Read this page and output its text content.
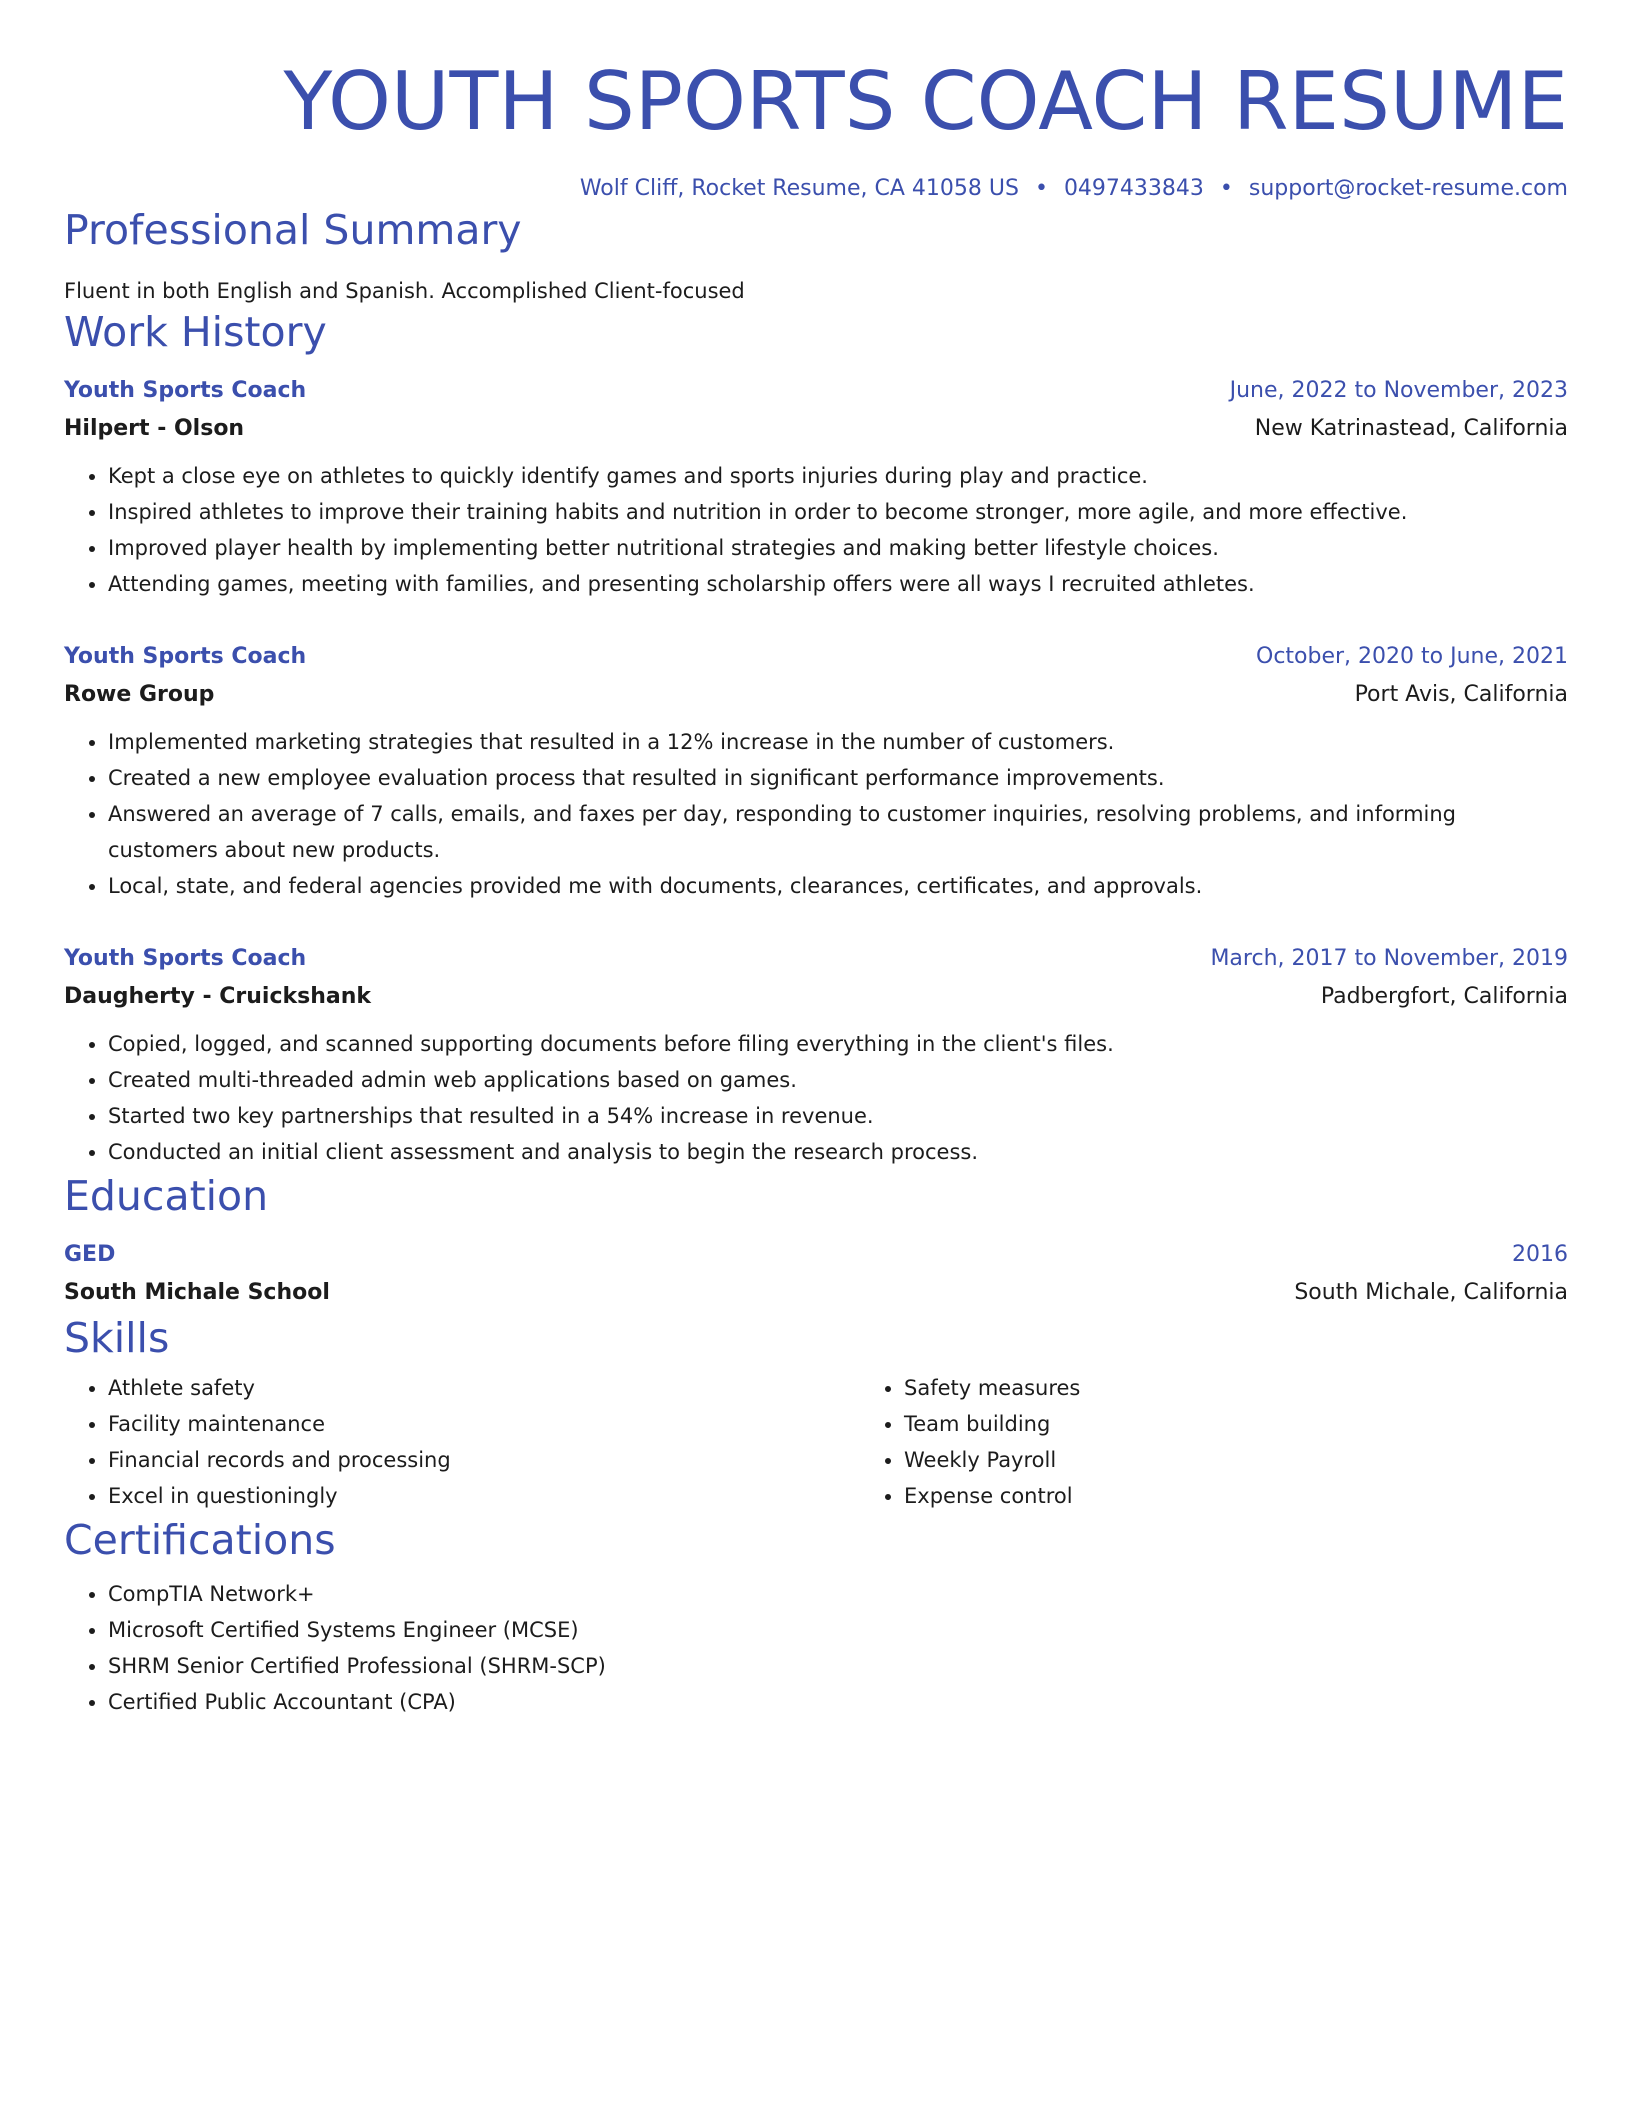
YOUTH SPORTS COACH RESUME
Wolf Cliff, Rocket Resume, CA 41058 US • 0497433843 • support@rocket-resume.com
Professional Summary
Fluent in both English and Spanish. Accomplished Client-focused
Work History
Youth Sports Coach	June, 2022 to November, 2023
Hilpert - Olson	New Katrinastead, California
• Kept a close eye on athletes to quickly identify games and sports injuries during play and practice.
• Inspired athletes to improve their training habits and nutrition in order to become stronger, more agile, and more effective.
• Improved player health by implementing better nutritional strategies and making better lifestyle choices.
• Attending games, meeting with families, and presenting scholarship offers were all ways I recruited athletes.
Youth Sports Coach	October, 2020 to June, 2021
Rowe Group	Port Avis, California
• Implemented marketing strategies that resulted in a 12% increase in the number of customers.
• Created a new employee evaluation process that resulted in significant performance improvements.
• Answered an average of 7 calls, emails, and faxes per day, responding to customer inquiries, resolving problems, and informing customers about new products.
• Local, state, and federal agencies provided me with documents, clearances, certificates, and approvals.
Youth Sports Coach	March, 2017 to November, 2019
Daugherty - Cruickshank	Padbergfort, California
• Copied, logged, and scanned supporting documents before filing everything in the client's files.
• Created multi-threaded admin web applications based on games.
• Started two key partnerships that resulted in a 54% increase in revenue.
• Conducted an initial client assessment and analysis to begin the research process.
Education
GED	2016
South Michale School	South Michale, California
Skills
• Athlete safety
• Facility maintenance
• Financial records and processing
• Excel in questioningly
• Safety measures
• Team building
• Weekly Payroll
• Expense control
Certifications
• CompTIA Network+
• Microsoft Certified Systems Engineer (MCSE)
• SHRM Senior Certified Professional (SHRM-SCP)
• Certified Public Accountant (CPA)
